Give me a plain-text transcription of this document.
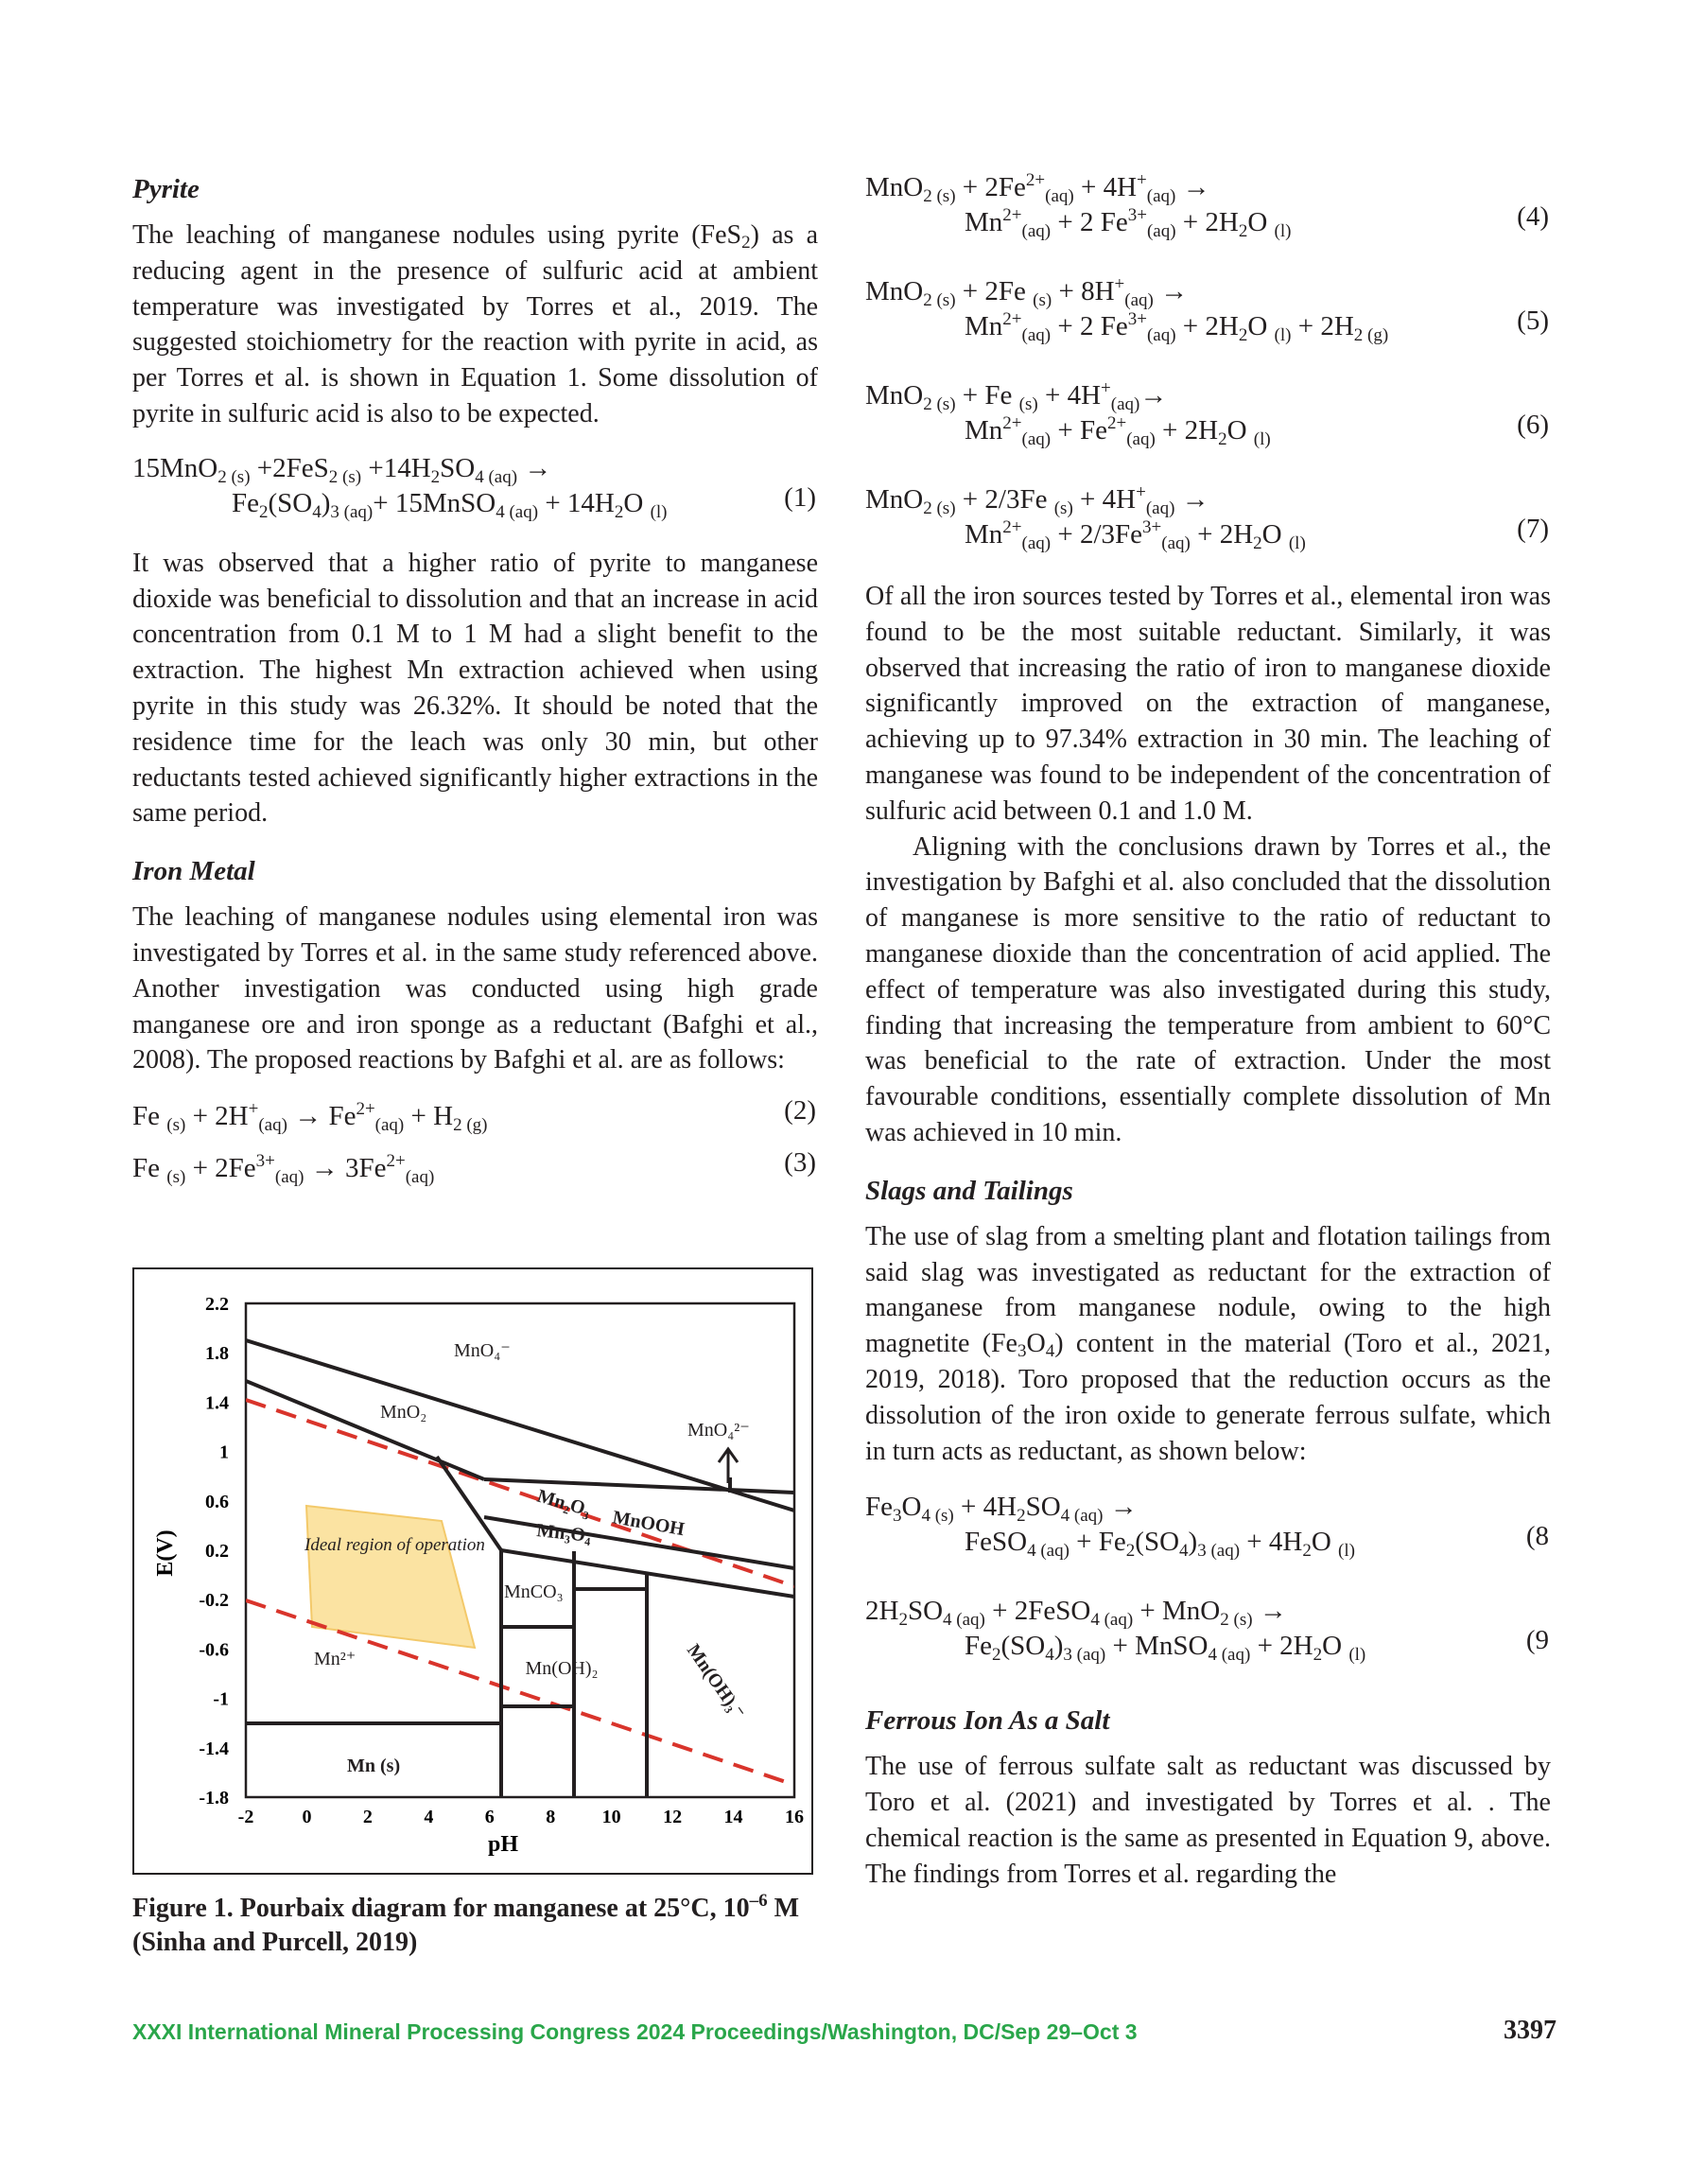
Pyrite

The leaching of manganese nodules using pyrite (FeS$_2$) as a reducing agent in the presence of sulfuric acid at ambient temperature was investigated by Torres et al., 2019. The suggested stoichiometry for the reaction with pyrite in acid, as per Torres et al. is shown in Equation 1. Some dissolution of pyrite in sulfuric acid is also to be expected.

$15MnO_{2 (s)} +2FeS_{2 (s)} +14H_2SO_{4 (aq)}$ →
$Fe_2(SO_4)_{3 (aq)}+$ 15MnSO$_{4 (aq)}$ + $14H_2O$ $_{(l)}$	(1)

It was observed that a higher ratio of pyrite to manganese dioxide was beneficial to dissolution and that an increase in acid concentration from 0.1 M to 1 M had a slight benefit to the extraction. The highest Mn extraction achieved when using pyrite in this study was 26.32%. It should be noted that the residence time for the leach was only 30 min, but other reductants tested achieved significantly higher extractions in the same period.

Iron Metal

The leaching of manganese nodules using elemental iron was investigated by Torres et al. in the same study referenced above. Another investigation was conducted using high grade manganese ore and iron sponge as a reductant (Bafghi et al., 2008). The proposed reactions by Bafghi et al. are as follows:

Fe $_{(s)} + 2H^+_{(aq)} \to Fe^{2+}_{(aq)} + H_{2 (g)}$	(2)
Fe $_{(s)} + 2Fe^{3+}_{(aq)} \to 3Fe^{2+}_{(aq)}$	(3)
2.2
1.8
1.4
1
0.6
0.2
-0.2
-0.6
-1
-1.4
-1.8
-2	0	2	4	6	8 10 12 14 16
E(V)
pH
MnO₄⁻
MnO₂
MnO₄²⁻
Mn₂O₃
MnOOH
Mn₃O₄
Ideal region of operation
MnCO₃
Mn²⁺	Mn(OH)₂	Mn(OH)₃⁻
Mn (s)
Figure 1. Pourbaix diagram for manganese at 25°C, $10^{-6}$ M (Sinha and Purcell, 2019)
$MnO_{2 (s)} + 2Fe^{2+}_{(aq)} + 4H^+_{(aq)}$ →
$Mn^{2+}_{(aq)} + 2$ $Fe^{3+}_{(aq)} + 2H_2O$ $_{(l)}$	(4)
MnO$_{2 (s)}$ + 2Fe $_{(s)} + 8H^+_{(aq)}$ →
$Mn^{2+}_{(aq)} + 2$ $Fe^{3+}_{(aq)} + 2H_2O$ $_{(l)} + 2H_{2 (g)}$	(5)
MnO$_{2 (s)}$ + Fe $_{(s)} + 4H^+_{(aq)}\to$
$Mn^{2+}_{(aq)} + Fe^{2+}_{(aq)} + 2H_2O$ $_{(l)}$	(6)
MnO$_{2 (s)}$ + 2/3Fe $_{(s)} + 4H^+_{(aq)}$ →
$Mn^{2+}_{(aq)} + 2/3Fe^{3+}_{(aq)} + 2H_2O$ $_{(l)}$	(7)

Of all the iron sources tested by Torres et al., elemental iron was found to be the most suitable reductant. Similarly, it was observed that increasing the ratio of iron to manganese dioxide significantly improved on the extraction of manganese, achieving up to 97.34% extraction in 30 min. The leaching of manganese was found to be independent of the concentration of sulfuric acid between 0.1 and 1.0 M.

Aligning with the conclusions drawn by Torres et al., the investigation by Bafghi et al. also concluded that the dissolution of manganese is more sensitive to the ratio of reductant to manganese dioxide than the concentration of acid applied. The effect of temperature was also investigated during this study, finding that increasing the temperature from ambient to 60°C was beneficial to the rate of extraction. Under the most favourable conditions, essentially complete dissolution of Mn was achieved in 10 min.

Slags and Tailings

The use of slag from a smelting plant and flotation tailings from said slag was investigated as reductant for the extraction of manganese from manganese nodule, owing to the high magnetite $(Fe_3O_4)$ content in the material (Toro et al., 2021, 2019, 2018). Toro proposed that the reduction occurs as the dissolution of the iron oxide to generate ferrous sulfate, which in turn acts as reductant, as shown below:

$Fe_3O_{4 (s)} + 4H_2SO_{4 (aq)}$ →
FeSO$_{4 (aq)}$ + $Fe_2(SO_4)_{3 (aq)} + 4H_2O$ $_{(l)}$	(8
$2H_2SO_{4 (aq)}$ + 2FeSO$_{4 (aq)}$ + MnO$_{2 (s)}$ →
$Fe_2(SO_4)_{3 (aq)}$ + MnSO$_{4 (aq)}$ + $2H_2O$ $_{(l)}$	(9
Ferrous Ion As a Salt

The use of ferrous sulfate salt as reductant was discussed by Toro et al. (2021) and investigated by Torres et al. . The chemical reaction is the same as presented in Equation 9, above. The findings from Torres et al. regarding the

XXXI International Mineral Processing Congress 2024 Proceedings/Washington, DC/Sep 29–Oct 3	3397
